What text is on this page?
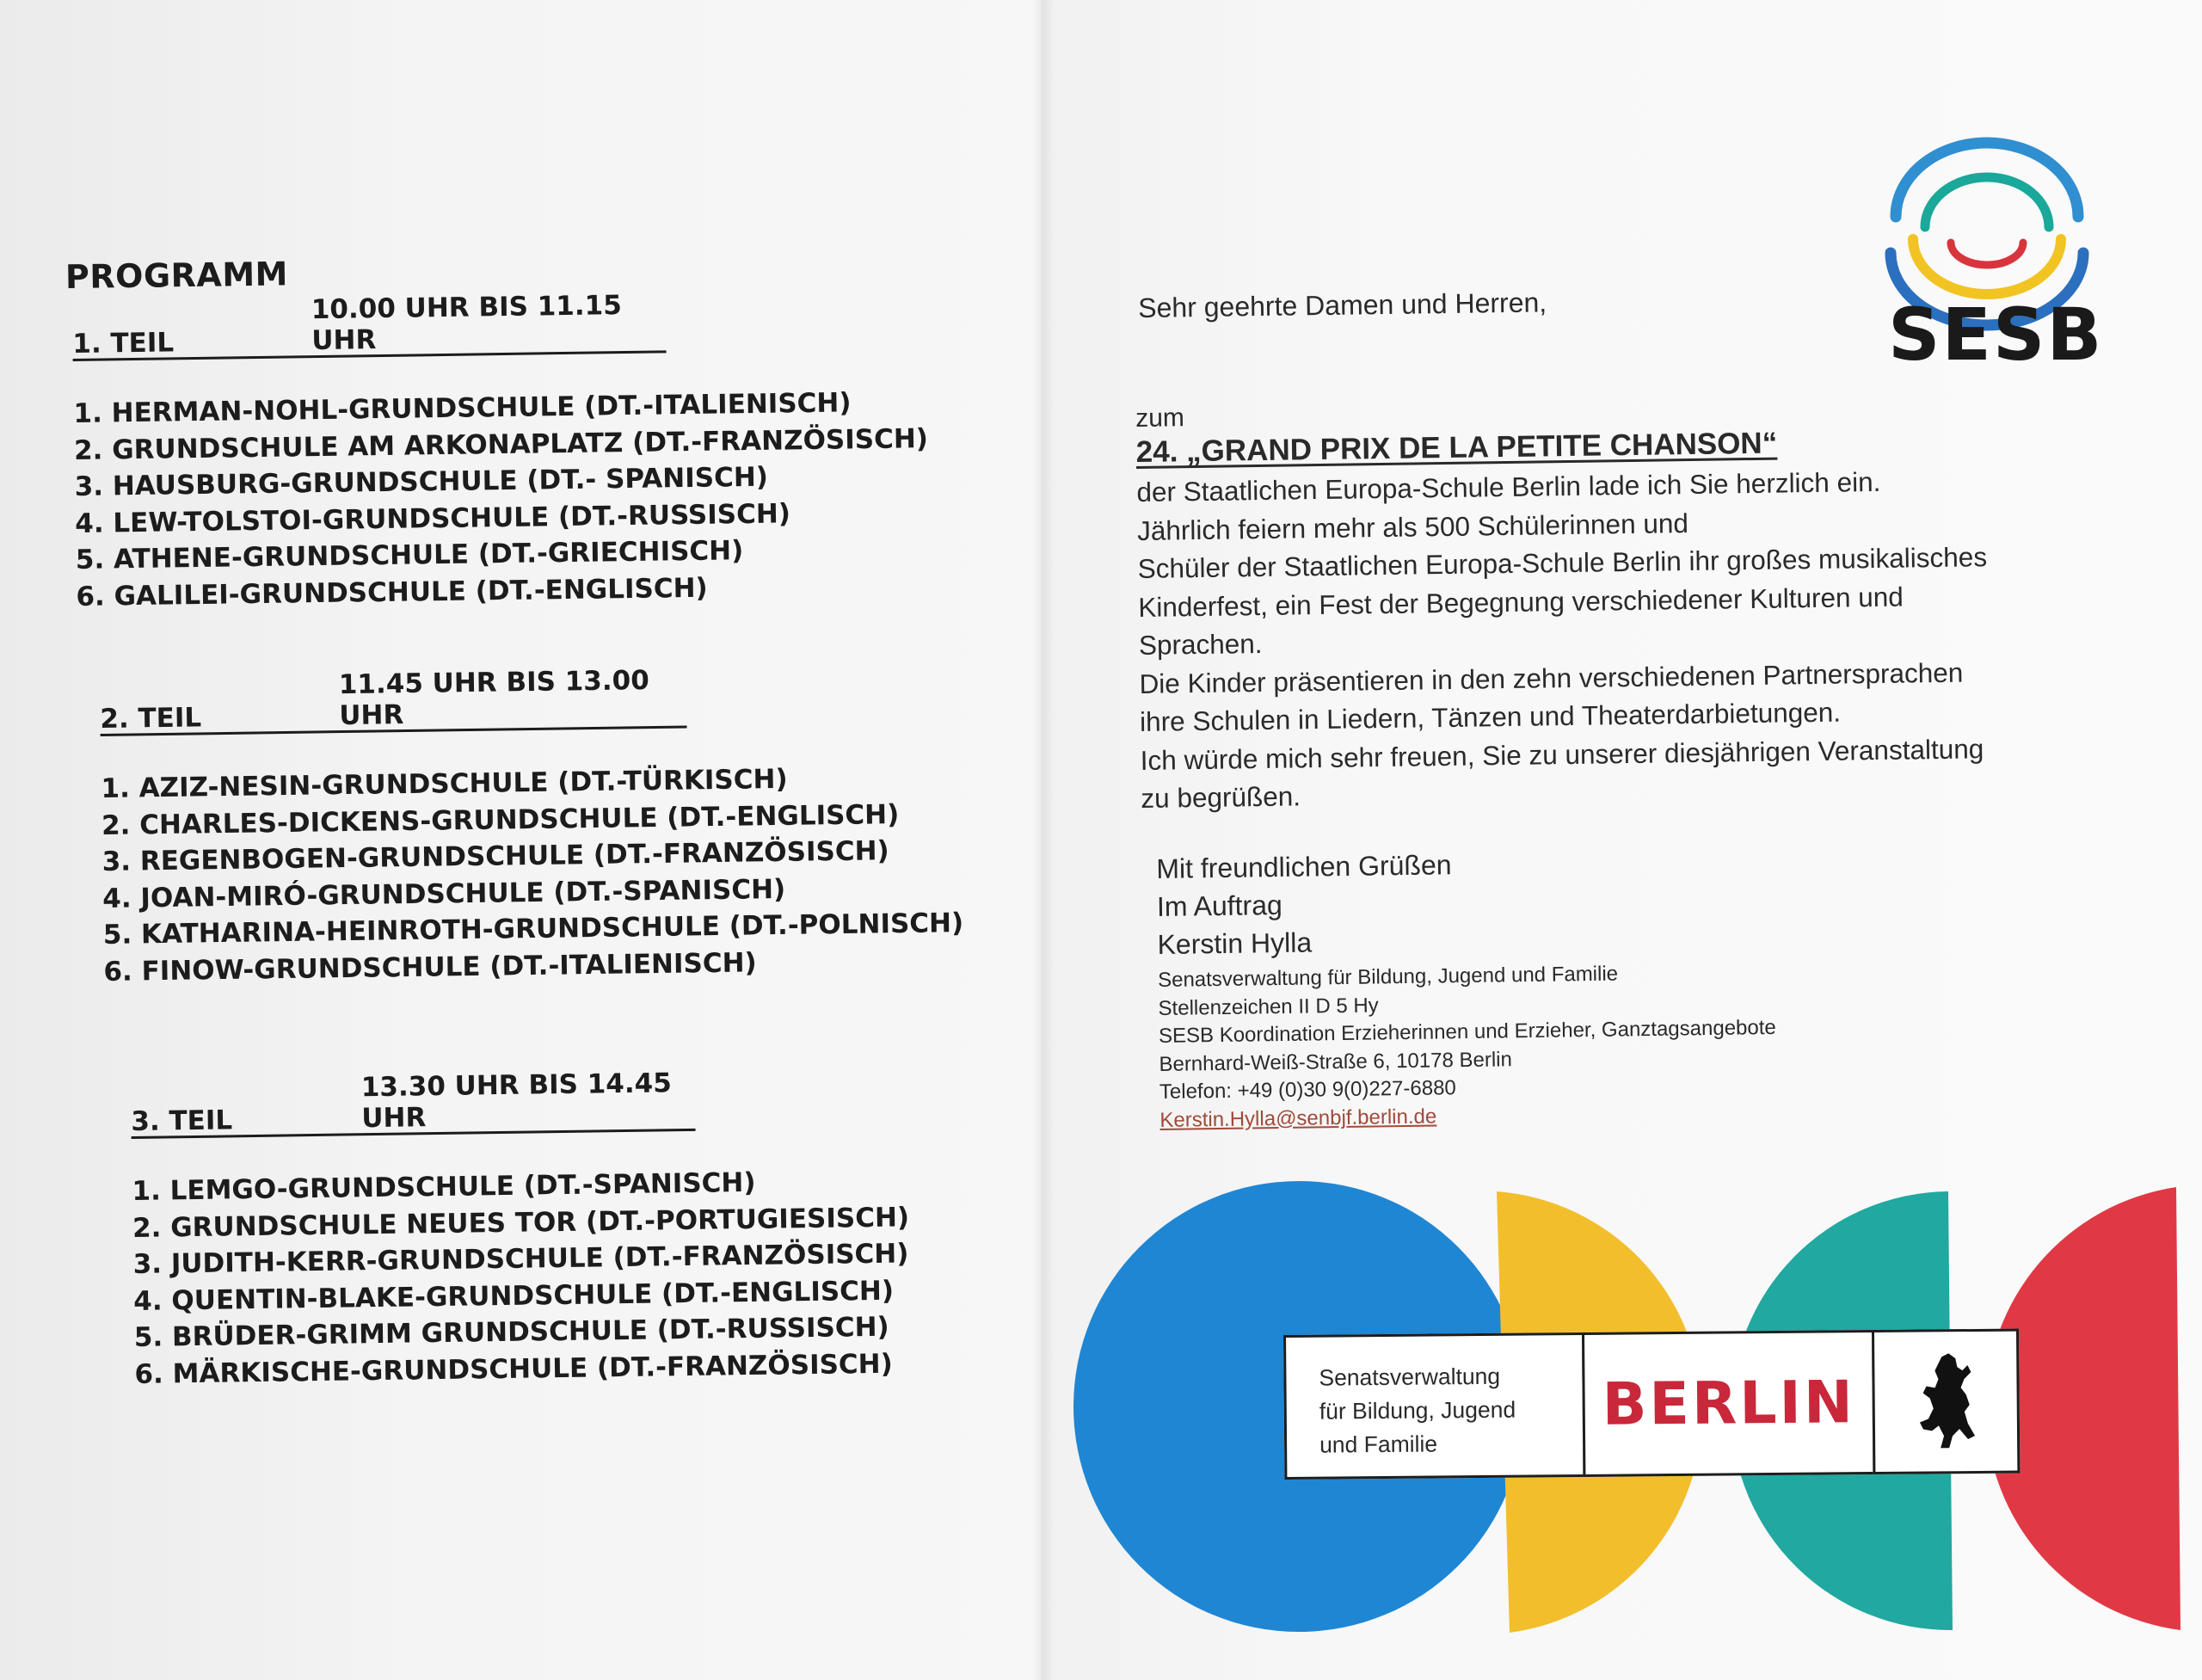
PROGRAMM
1. TEIL
10.00 UHR BIS 11.15 UHR
1. HERMAN-NOHL-GRUNDSCHULE (DT.-ITALIENISCH)
2. GRUNDSCHULE AM ARKONAPLATZ (DT.-FRANZÖSISCH)
3. HAUSBURG-GRUNDSCHULE (DT.- SPANISCH)
4. LEW-TOLSTOI-GRUNDSCHULE (DT.-RUSSISCH)
5. ATHENE-GRUNDSCHULE (DT.-GRIECHISCH)
6. GALILEI-GRUNDSCHULE (DT.-ENGLISCH)
2. TEIL
11.45 UHR BIS 13.00 UHR
1. AZIZ-NESIN-GRUNDSCHULE (DT.-TÜRKISCH)
2. CHARLES-DICKENS-GRUNDSCHULE (DT.-ENGLISCH)
3. REGENBOGEN-GRUNDSCHULE (DT.-FRANZÖSISCH)
4. JOAN-MIRÓ-GRUNDSCHULE (DT.-SPANISCH)
5. KATHARINA-HEINROTH-GRUNDSCHULE (DT.-POLNISCH)
6. FINOW-GRUNDSCHULE (DT.-ITALIENISCH)
3. TEIL
13.30 UHR BIS 14.45 UHR
1. LEMGO-GRUNDSCHULE (DT.-SPANISCH)
2. GRUNDSCHULE NEUES TOR (DT.-PORTUGIESISCH)
3. JUDITH-KERR-GRUNDSCHULE (DT.-FRANZÖSISCH)
4. QUENTIN-BLAKE-GRUNDSCHULE (DT.-ENGLISCH)
5. BRÜDER-GRIMM GRUNDSCHULE (DT.-RUSSISCH)
6. MÄRKISCHE-GRUNDSCHULE (DT.-FRANZÖSISCH)
SESB
Sehr geehrte Damen und Herren,
zum
24. „GRAND PRIX DE LA PETITE CHANSON“
der Staatlichen Europa-Schule Berlin lade ich Sie herzlich ein.
Jährlich feiern mehr als 500 Schülerinnen und
Schüler der Staatlichen Europa-Schule Berlin ihr großes musikalisches
Kinderfest, ein Fest der Begegnung verschiedener Kulturen und
Sprachen.
Die Kinder präsentieren in den zehn verschiedenen Partnersprachen
ihre Schulen in Liedern, Tänzen und Theaterdarbietungen.
Ich würde mich sehr freuen, Sie zu unserer diesjährigen Veranstaltung
zu begrüßen.
Mit freundlichen Grüßen
Im Auftrag
Kerstin Hylla
Senatsverwaltung für Bildung, Jugend und Familie
Stellenzeichen II D 5 Hy
SESB Koordination Erzieherinnen und Erzieher, Ganztagsangebote
Bernhard-Weiß-Straße 6, 10178 Berlin
Telefon: +49 (0)30 9(0)227-6880
Kerstin.Hylla@senbjf.berlin.de
Senatsverwaltung
für Bildung, Jugend
und Familie
BERLIN
